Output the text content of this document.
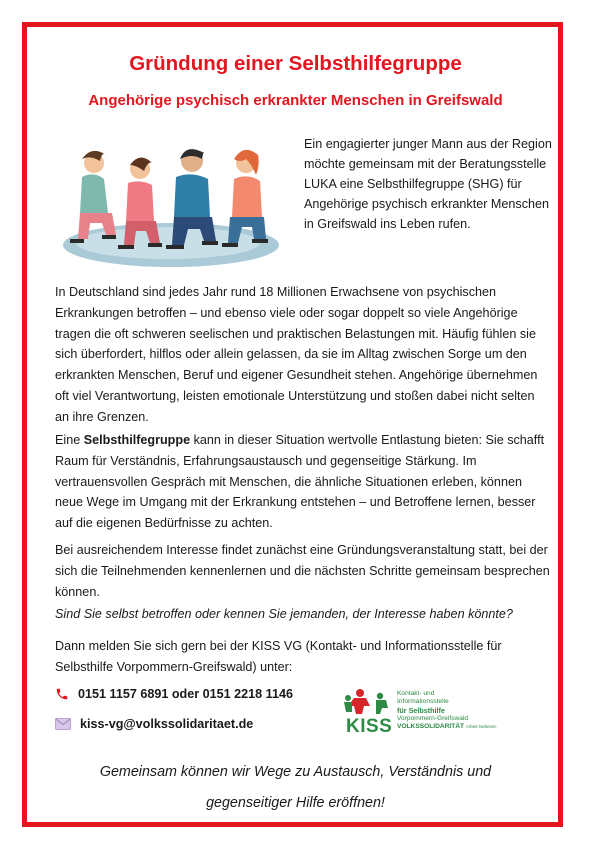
Gründung einer Selbsthilfegruppe
Angehörige psychisch erkrankter Menschen in Greifswald

Ein engagierter junger Mann aus der Region möchte gemeinsam mit der Beratungsstelle LUKA eine Selbsthilfegruppe (SHG) für Angehörige psychisch erkrankter Menschen in Greifswald ins Leben rufen.

In Deutschland sind jedes Jahr rund 18 Millionen Erwachsene von psychischen Erkrankungen betroffen – und ebenso viele oder sogar doppelt so viele Angehörige tragen die oft schweren seelischen und praktischen Belastungen mit. Häufig fühlen sie sich überfordert, hilflos oder allein gelassen, da sie im Alltag zwischen Sorge um den erkrankten Menschen, Beruf und eigener Gesundheit stehen. Angehörige übernehmen oft viel Verantwortung, leisten emotionale Unterstützung und stoßen dabei nicht selten an ihre Grenzen.

Eine Selbsthilfegruppe kann in dieser Situation wertvolle Entlastung bieten: Sie schafft Raum für Verständnis, Erfahrungsaustausch und gegenseitige Stärkung. Im vertrauensvollen Gespräch mit Menschen, die ähnliche Situationen erleben, können neue Wege im Umgang mit der Erkrankung entstehen – und Betroffene lernen, besser auf die eigenen Bedürfnisse zu achten.

Bei ausreichendem Interesse findet zunächst eine Gründungsveranstaltung statt, bei der sich die Teilnehmenden kennenlernen und die nächsten Schritte gemeinsam besprechen können.

Sind Sie selbst betroffen oder kennen Sie jemanden, der Interesse haben könnte?

Dann melden Sie sich gern bei der KISS VG (Kontakt- und Informationsstelle für Selbsthilfe Vorpommern-Greifswald) unter:

0151 1157 6891 oder 0151 2218 1146
kiss-vg@volkssolidaritaet.de	KISS
Kontakt- und
Informationsstelle
für Selbsthilfe
Vorpommern-Greifswald
VOLKSSOLIDARITÄT Arbeit Nebenst.
Gemeinsam können wir Wege zu Austausch, Verständnis und
gegenseitiger Hilfe eröffnen!
